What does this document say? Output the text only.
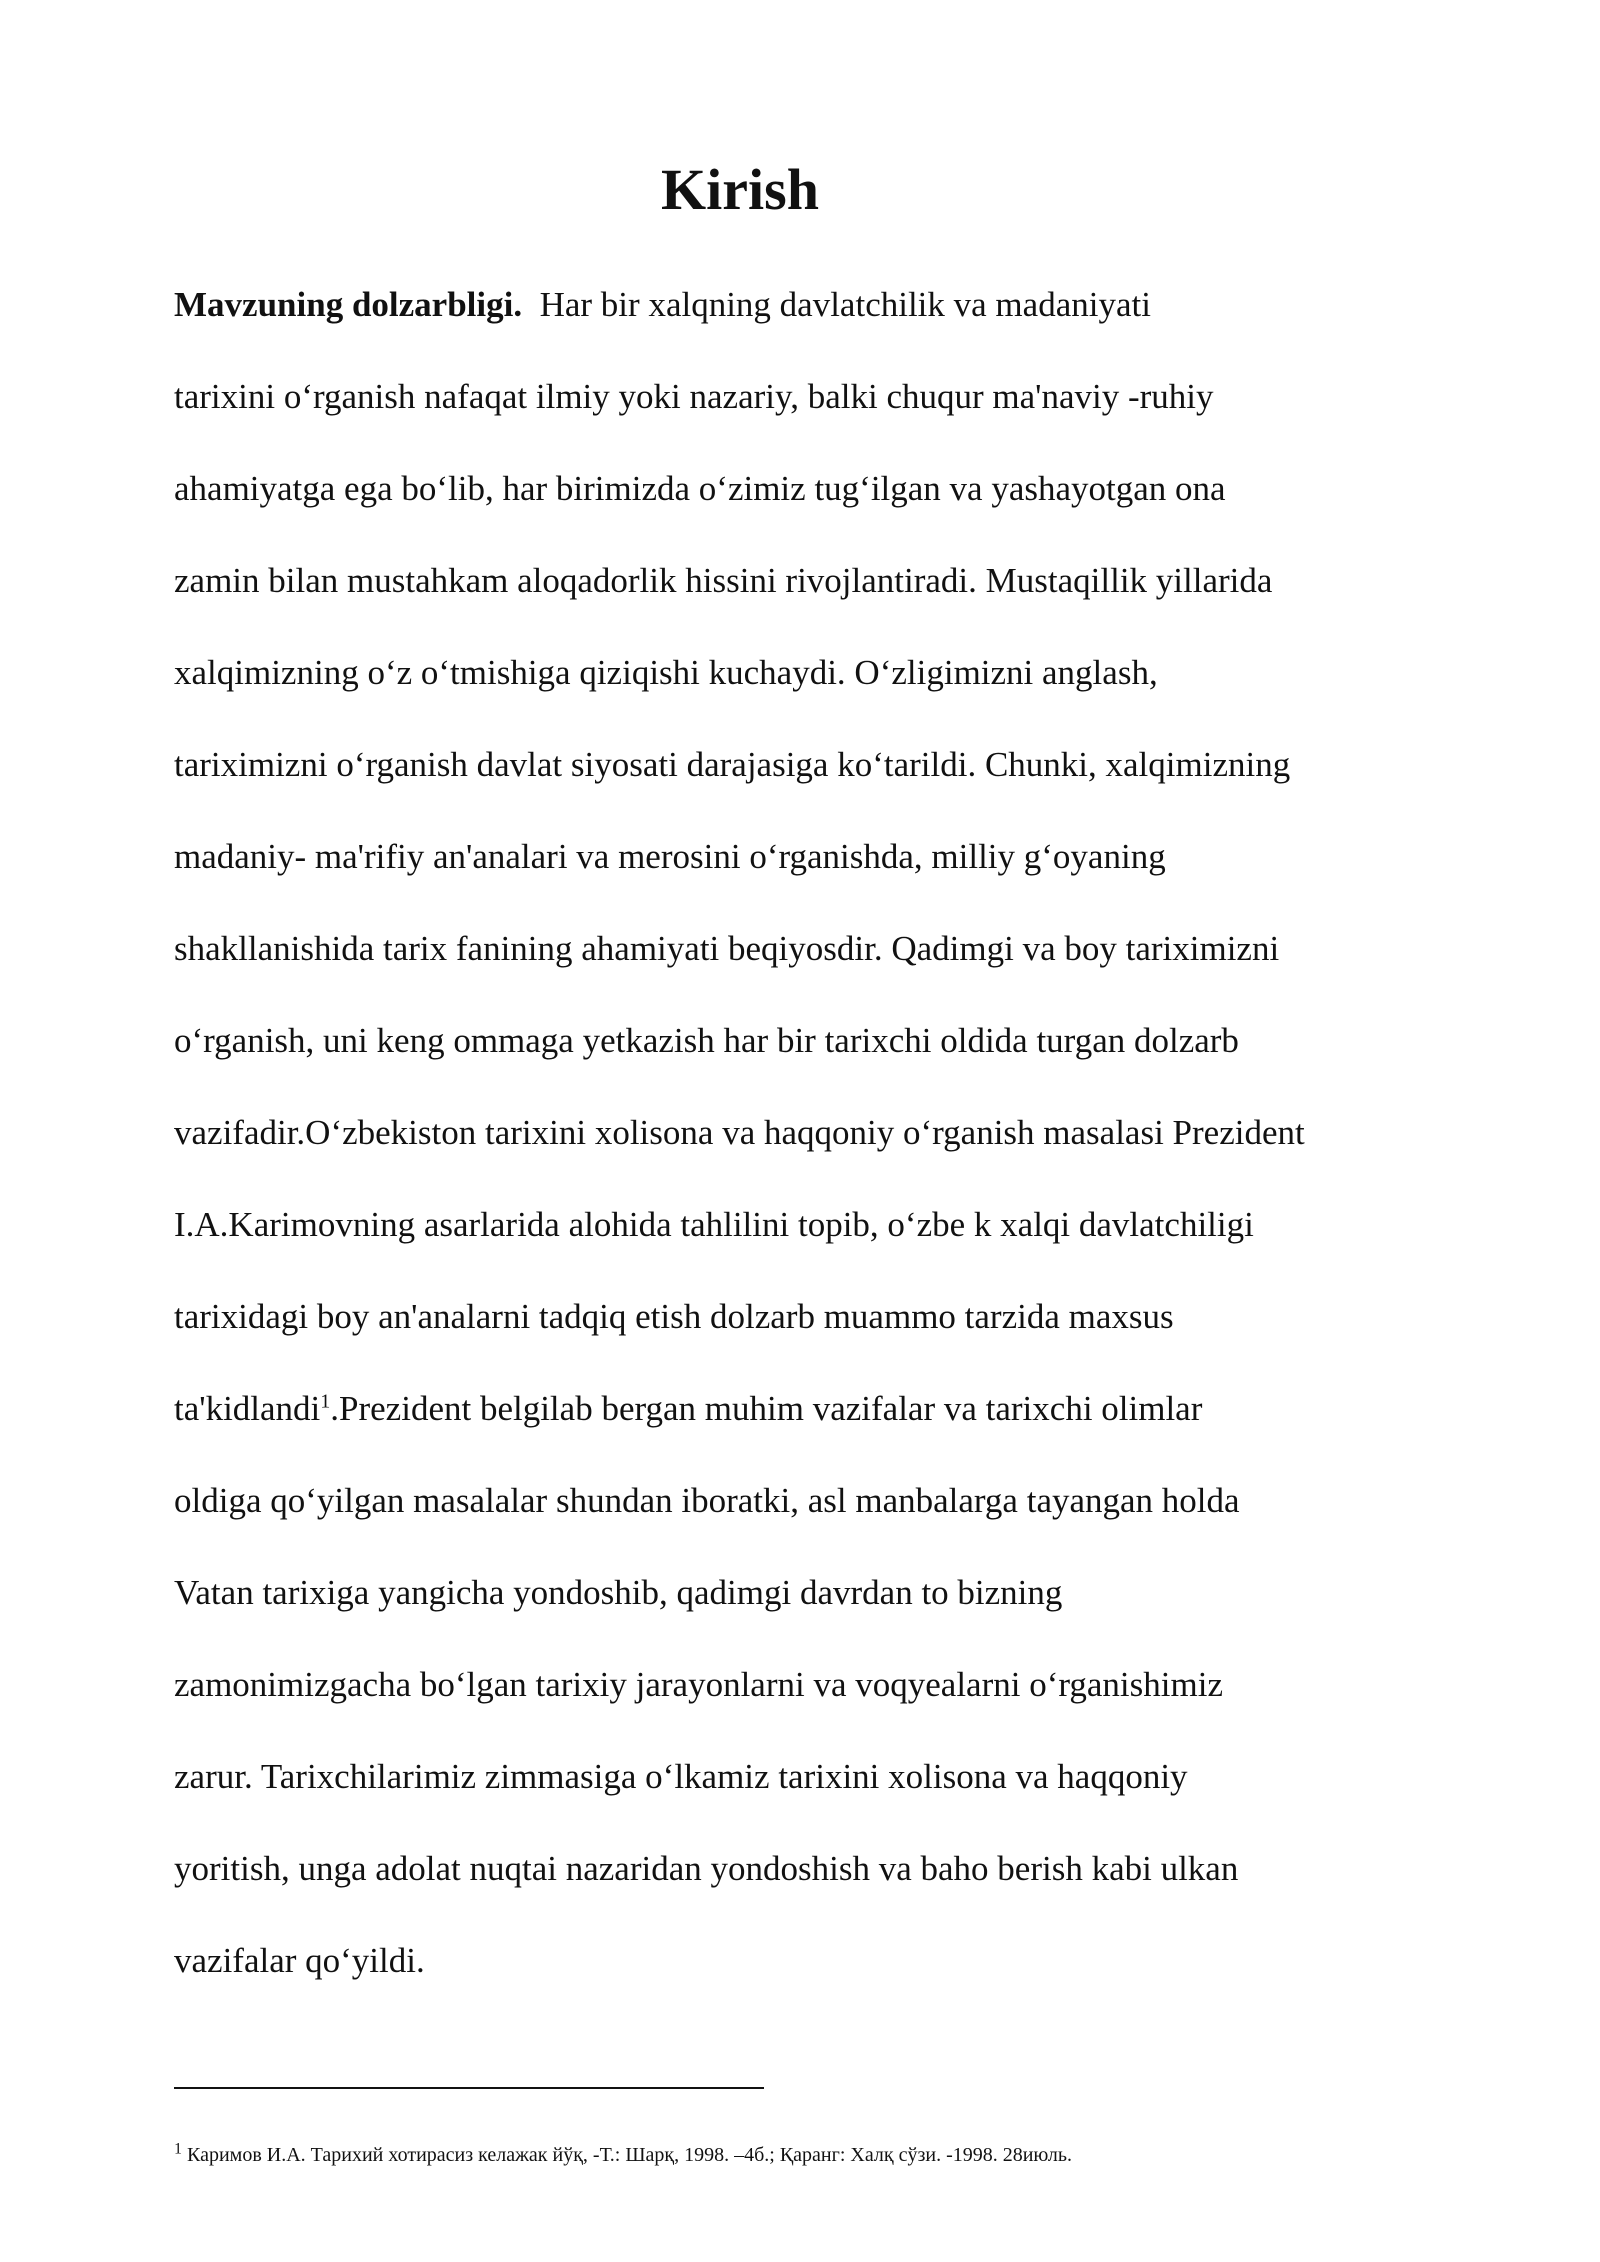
Kirish
Mavzuning dolzarbligi. Har bir xalqning davlatchilik va madaniyati
tarixini oʻrganish nafaqat ilmiy yoki nazariy, balki chuqur ma'naviy -ruhiy
ahamiyatga ega boʻlib, har birimizda oʻzimiz tugʻilgan va yashayotgan ona
zamin bilan mustahkam aloqadorlik hissini rivojlantiradi. Mustaqillik yillarida
xalqimizning oʻz oʻtmishiga qiziqishi kuchaydi. Oʻzligimizni anglash,
tariximizni oʻrganish davlat siyosati darajasiga koʻtarildi. Chunki, xalqimizning
madaniy- ma'rifiy an'analari va merosini oʻrganishda, milliy gʻoyaning
shakllanishida tarix fanining ahamiyati beqiyosdir. Qadimgi va boy tariximizni
oʻrganish, uni keng ommaga yetkazish har bir tarixchi oldida turgan dolzarb
vazifadir.Oʻzbekiston tarixini xolisona va haqqoniy oʻrganish masalasi Prezident
I.A.Karimovning asarlarida alohida tahlilini topib, oʻzbe k xalqi davlatchiligi
tarixidagi boy an'analarni tadqiq etish dolzarb muammo tarzida maxsus
ta'kidlandi$^1$.Prezident belgilab bergan muhim vazifalar va tarixchi olimlar
oldiga qoʻyilgan masalalar shundan iboratki, asl manbalarga tayangan holda
Vatan tarixiga yangicha yondoshib, qadimgi davrdan to bizning
zamonimizgacha boʻlgan tarixiy jarayonlarni va voqyealarni oʻrganishimiz
zarur. Tarixchilarimiz zimmasiga oʻlkamiz tarixini xolisona va haqqoniy
yoritish, unga adolat nuqtai nazaridan yondoshish va baho berish kabi ulkan
vazifalar qoʻyildi.
$^1$ Каримов И.А. Тарихий хотирасиз келажак йўқ, -Т.: Шарқ, 1998. –4б.; Қаранг: Халқ сўзи. -1998. 28июль.
